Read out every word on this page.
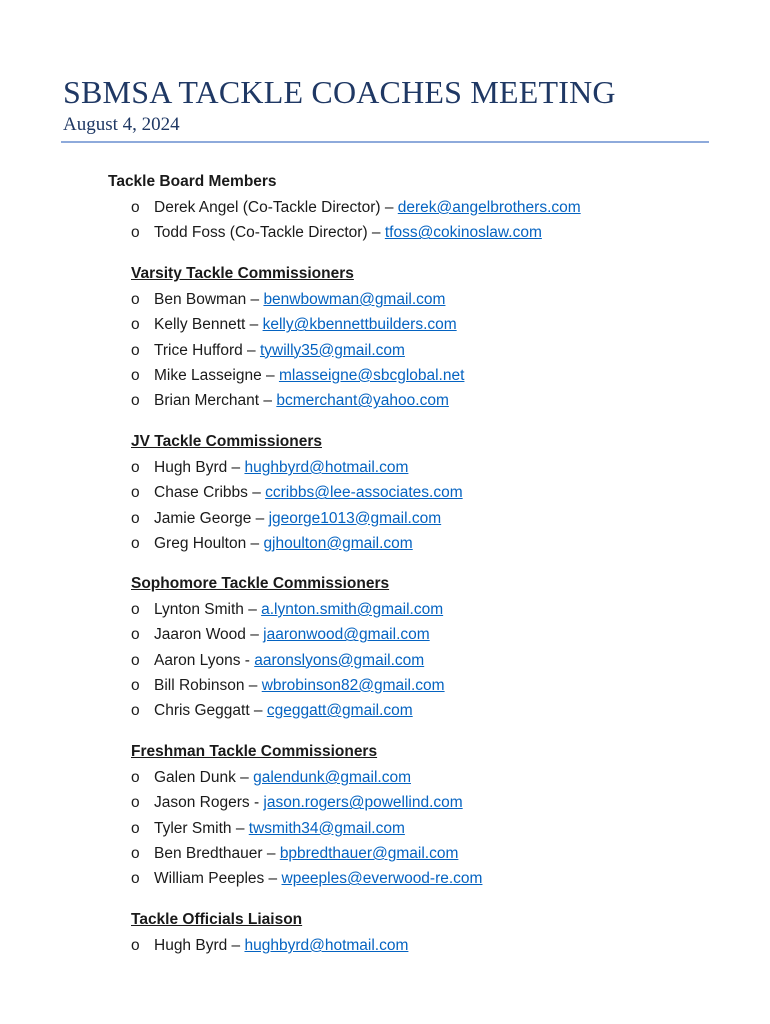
SBMSA TACKLE COACHES MEETING
August 4, 2024
Tackle Board Members
o Derek Angel (Co-Tackle Director) – derek@angelbrothers.com
o Todd Foss (Co-Tackle Director) – tfoss@cokinoslaw.com
Varsity Tackle Commissioners
o Ben Bowman – benwbowman@gmail.com
o Kelly Bennett – kelly@kbennettbuilders.com
o Trice Hufford – tywilly35@gmail.com
o Mike Lasseigne – mlasseigne@sbcglobal.net
o Brian Merchant – bcmerchant@yahoo.com
JV Tackle Commissioners
o Hugh Byrd – hughbyrd@hotmail.com
o Chase Cribbs – ccribbs@lee-associates.com
o Jamie George – jgeorge1013@gmail.com
o Greg Houlton – gjhoulton@gmail.com
Sophomore Tackle Commissioners
o Lynton Smith – a.lynton.smith@gmail.com
o Jaaron Wood – jaaronwood@gmail.com
o Aaron Lyons - aaronslyons@gmail.com
o Bill Robinson – wbrobinson82@gmail.com
o Chris Geggatt – cgeggatt@gmail.com
Freshman Tackle Commissioners
o Galen Dunk – galendunk@gmail.com
o Jason Rogers - jason.rogers@powellind.com
o Tyler Smith – twsmith34@gmail.com
o Ben Bredthauer – bpbredthauer@gmail.com
o William Peeples – wpeeples@everwood-re.com
Tackle Officials Liaison
o Hugh Byrd – hughbyrd@hotmail.com
